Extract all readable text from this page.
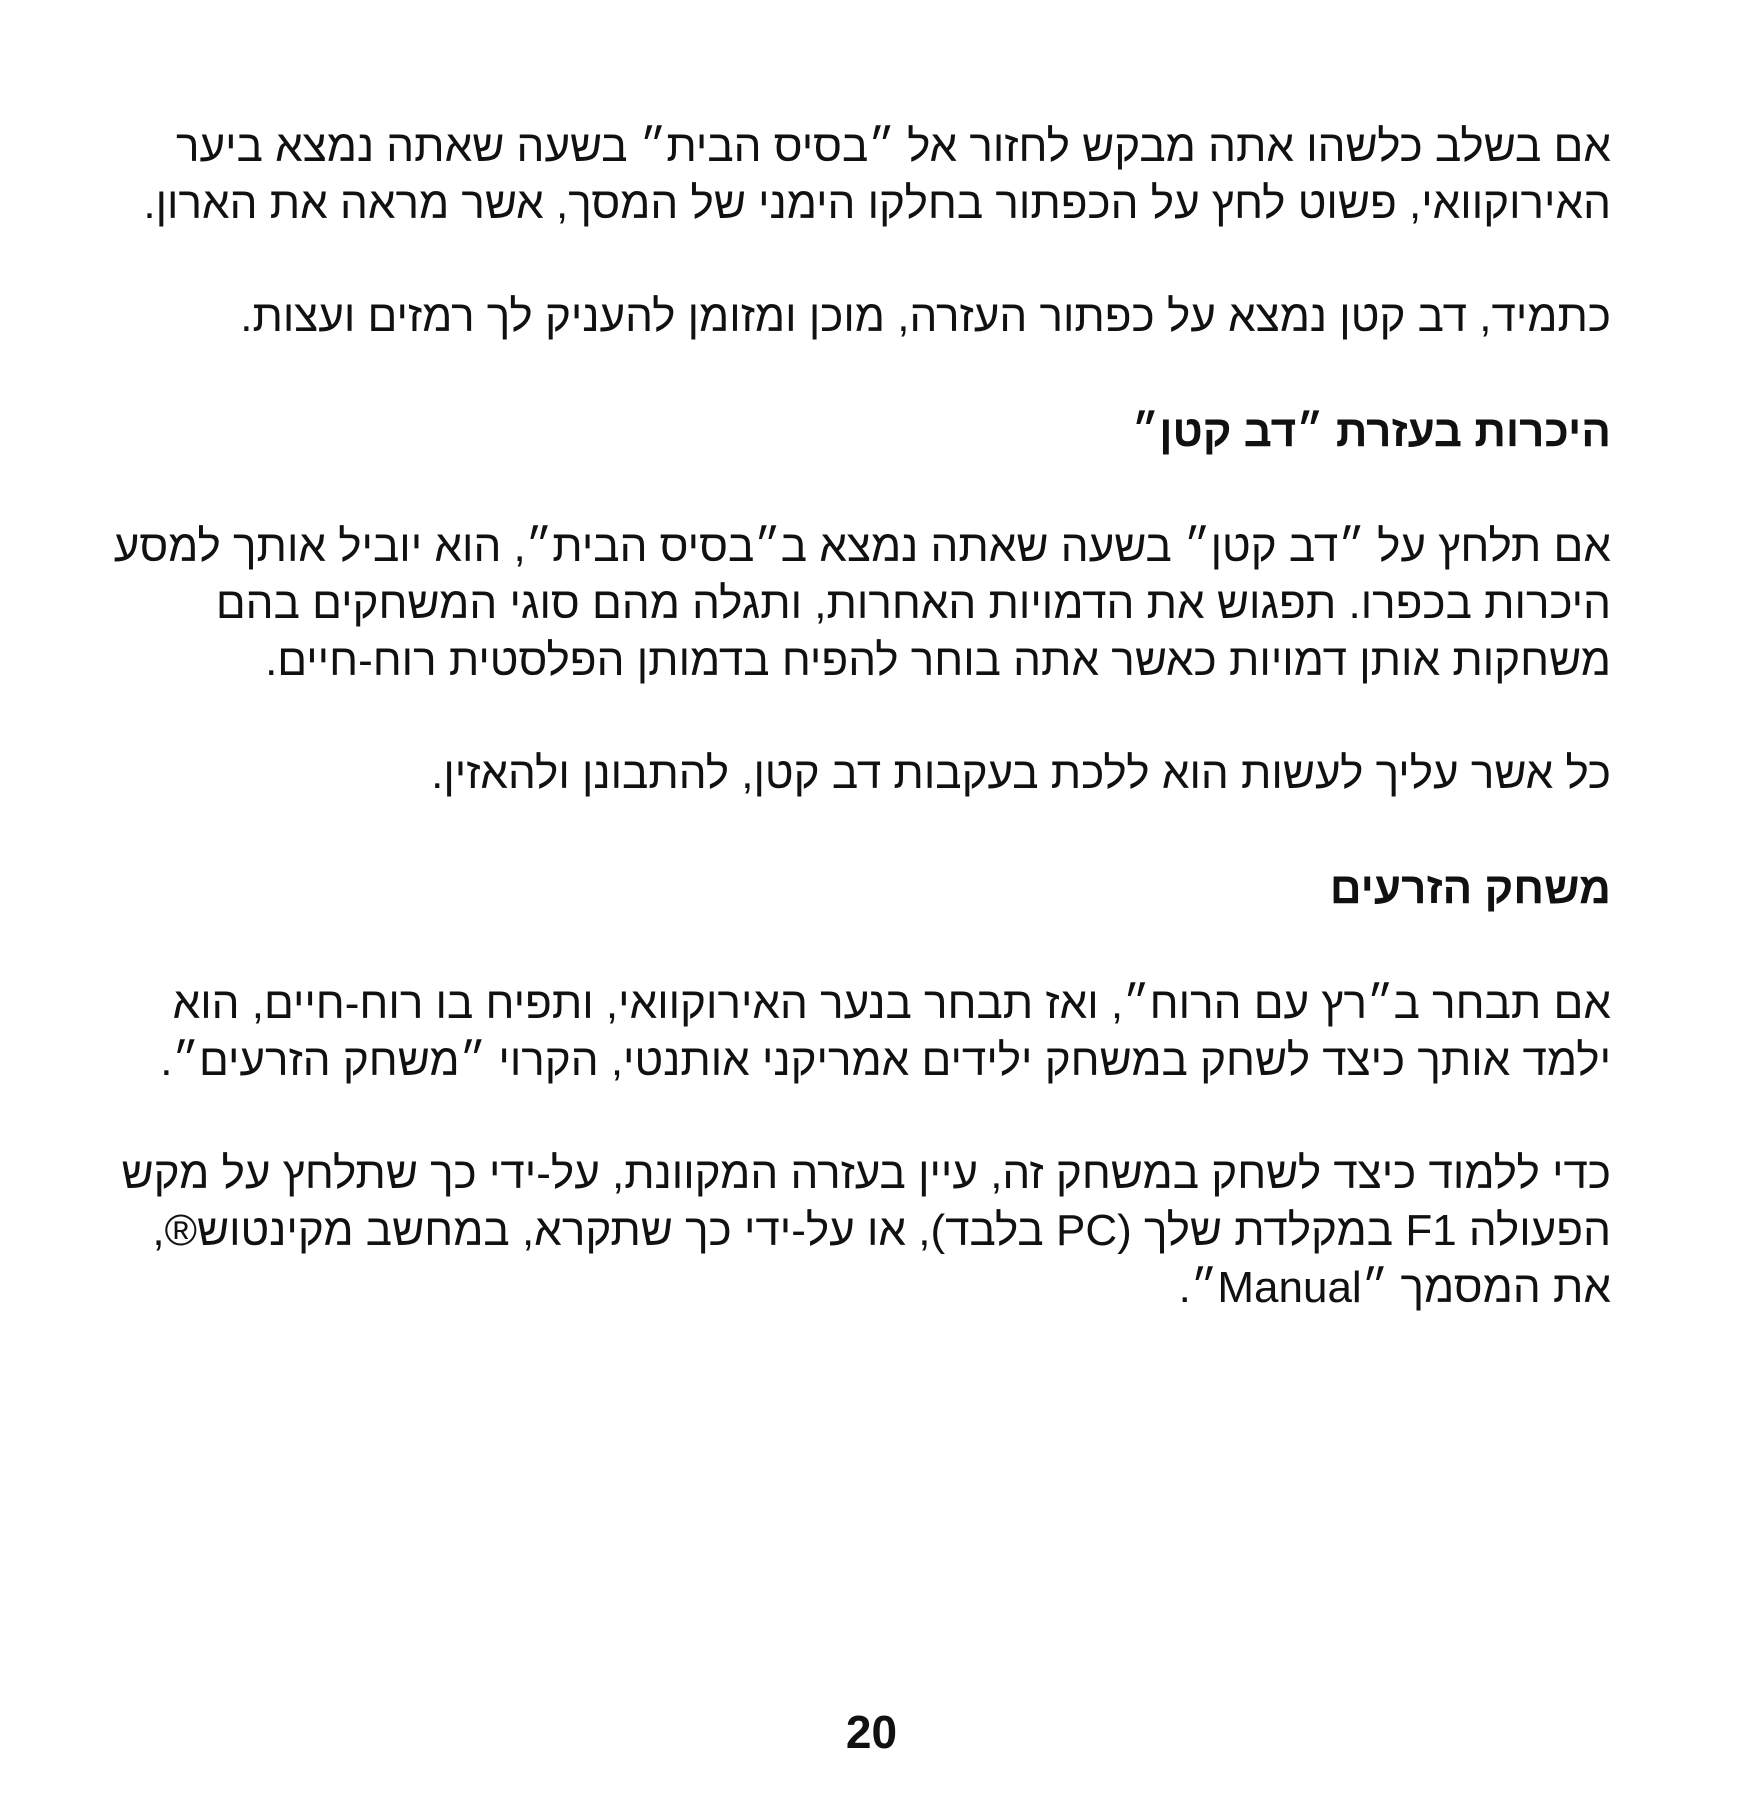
אם בשלב כלשהו אתה מבקש לחזור אל ״בסיס הבית״ בשעה שאתה נמצא ביער האירוקוואי, פשוט לחץ על הכפתור בחלקו הימני של המסך, אשר מראה את הארון.

כתמיד, דב קטן נמצא על כפתור העזרה, מוכן ומזומן להעניק לך רמזים ועצות.

היכרות בעזרת ״דב קטן״

אם תלחץ על ״דב קטן״ בשעה שאתה נמצא ב״בסיס הבית״, הוא יוביל אותך למסע היכרות בכפרו. תפגוש את הדמויות האחרות, ותגלה מהם סוגי המשחקים בהם משחקות אותן דמויות כאשר אתה בוחר להפיח בדמותן הפלסטית רוח-חיים.

כל אשר עליך לעשות הוא ללכת בעקבות דב קטן, להתבונן ולהאזין.

משחק הזרעים

אם תבחר ב״רץ עם הרוח״, ואז תבחר בנער האירוקוואי, ותפיח בו רוח-חיים, הוא ילמד אותך כיצד לשחק במשחק ילידים אמריקני אותנטי, הקרוי ״משחק הזרעים״.

כדי ללמוד כיצד לשחק במשחק זה, עיין בעזרה המקוונת, על-ידי כך שתלחץ על מקש הפעולה F1 במקלדת שלך (PC בלבד), או על-ידי כך שתקרא, במחשב מקינטוש®, את המסמך ״Manual״.

20
